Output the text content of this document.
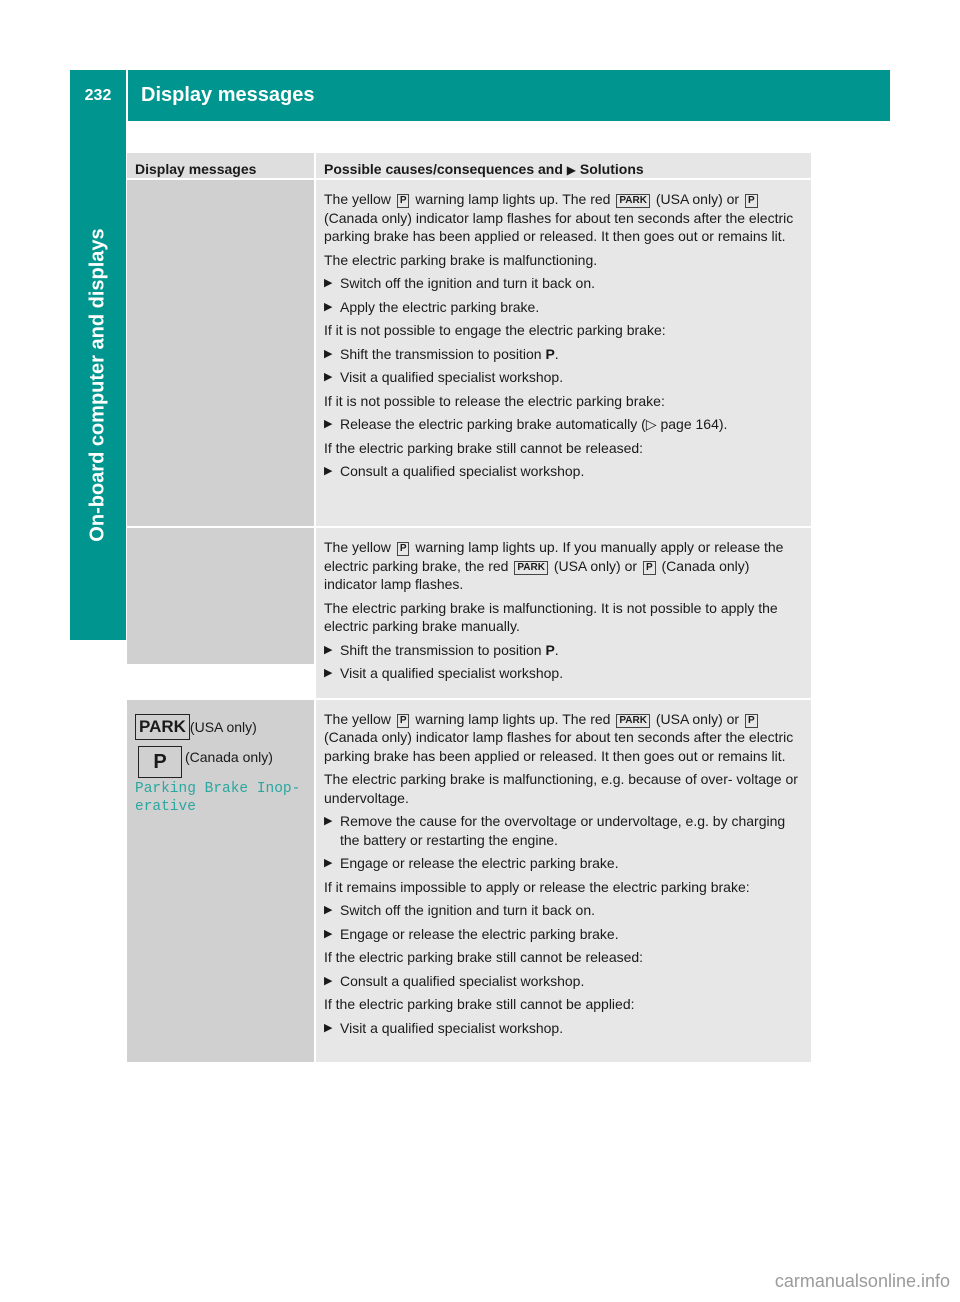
232	Display messages
On-board computer and displays
Display messages	Possible causes/consequences and ▶ Solutions

The yellow P warning lamp lights up. The red PARK (USA only) or P (Canada only) indicator lamp flashes for about ten seconds after the electric parking brake has been applied or released. It then goes out or remains lit.

The electric parking brake is malfunctioning.

▶ Switch off the ignition and turn it back on.
▶ Apply the electric parking brake.

If it is not possible to engage the electric parking brake:

▶ Shift the transmission to position P.
▶ Visit a qualified specialist workshop.

If it is not possible to release the electric parking brake:

▶ Release the electric parking brake automatically (▷ page 164).

If the electric parking brake still cannot be released:

▶ Consult a qualified specialist workshop.

The yellow P warning lamp lights up. If you manually apply or release the electric parking brake, the red PARK (USA only) or P (Canada only) indicator lamp flashes.

The electric parking brake is malfunctioning. It is not possible to apply the electric parking brake manually.

▶ Shift the transmission to position P.
▶ Visit a qualified specialist workshop.
PARK (USA only)
P (Canada only)
Parking Brake Inop‐ erative

The yellow P warning lamp lights up. The red PARK (USA only) or P (Canada only) indicator lamp flashes for about ten seconds after the electric parking brake has been applied or released. It then goes out or remains lit.

The electric parking brake is malfunctioning, e.g. because of over- voltage or undervoltage.

▶ Remove the cause for the overvoltage or undervoltage, e.g. by charging the battery or restarting the engine.
▶ Engage or release the electric parking brake.

If it remains impossible to apply or release the electric parking brake:

▶ Switch off the ignition and turn it back on.
▶ Engage or release the electric parking brake.

If the electric parking brake still cannot be released:

▶ Consult a qualified specialist workshop.

If the electric parking brake still cannot be applied:

▶ Visit a qualified specialist workshop.
carmanualsonline.info
